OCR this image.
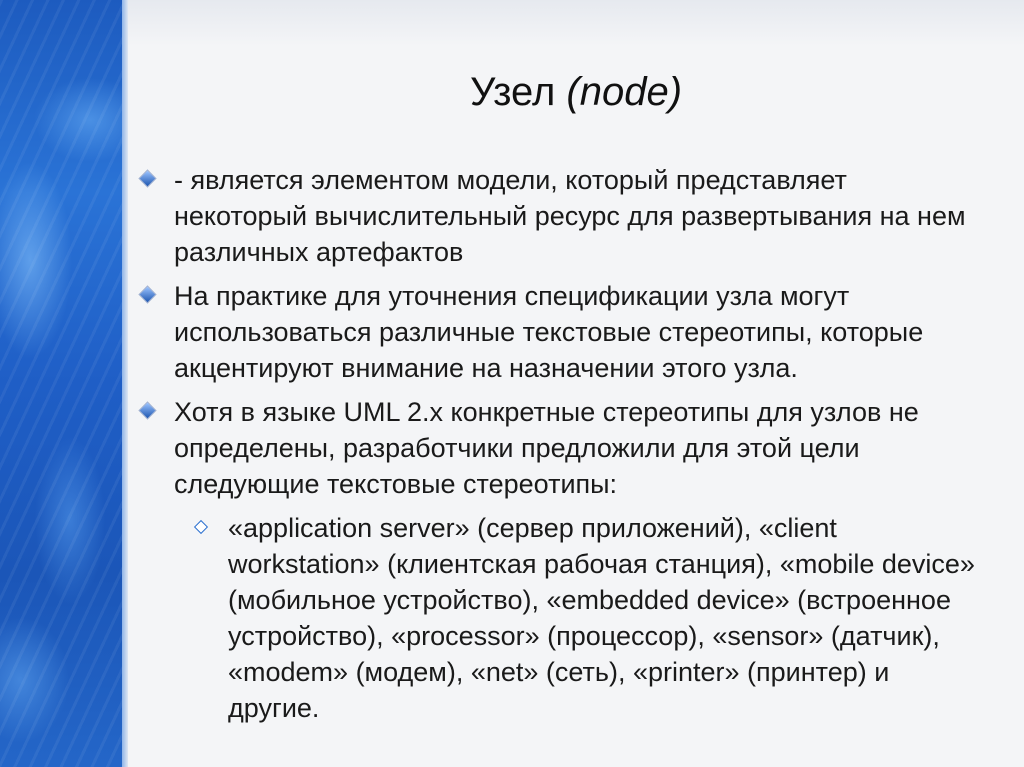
Узел (node)
- является элементом модели, который представляет некоторый вычислительный ресурс для развертывания на нем различных артефактов
На практике для уточнения спецификации узла могут использоваться различные текстовые стереотипы, которые акцентируют внимание на назначении этого узла.
Хотя в языке UML 2.x конкретные стереотипы для узлов не определены, разработчики предложили для этой цели следующие текстовые стереотипы:
«application server» (сервер приложений), «client workstation» (клиентская рабочая станция), «mobile device» (мобильное устройство), «embedded device» (встроенное устройство), «processor» (процессор), «sensor» (датчик), «modem» (модем), «net» (сеть), «printer» (принтер) и другие.
